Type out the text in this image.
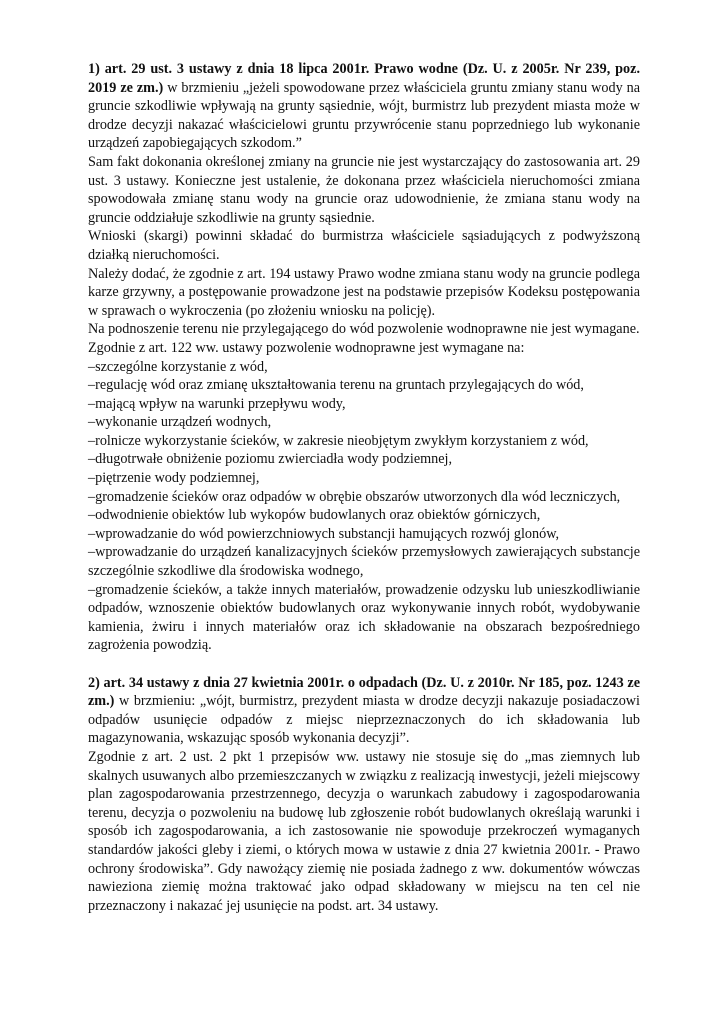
1) art. 29 ust. 3 ustawy z dnia 18 lipca 2001r. Prawo wodne (Dz. U. z 2005r. Nr 239, poz. 2019 ze zm.) w brzmieniu „jeżeli spowodowane przez właściciela gruntu zmiany stanu wody na gruncie szkodliwie wpływają na grunty sąsiednie, wójt, burmistrz lub prezydent miasta może w drodze decyzji nakazać właścicielowi gruntu przywrócenie stanu poprzedniego lub wykonanie urządzeń zapobiegających szkodom.”

Sam fakt dokonania określonej zmiany na gruncie nie jest wystarczający do zastosowania art. 29 ust. 3 ustawy. Konieczne jest ustalenie, że dokonana przez właściciela nieruchomości zmiana spowodowała zmianę stanu wody na gruncie oraz udowodnienie, że zmiana stanu wody na gruncie oddziałuje szkodliwie na grunty sąsiednie.

Wnioski (skargi) powinni składać do burmistrza właściciele sąsiadujących z podwyższoną działką nieruchomości.

Należy dodać, że zgodnie z art. 194 ustawy Prawo wodne zmiana stanu wody na gruncie podlega karze grzywny, a postępowanie prowadzone jest na podstawie przepisów Kodeksu postępowania w sprawach o wykroczenia (po złożeniu wniosku na policję).

Na podnoszenie terenu nie przylegającego do wód pozwolenie wodnoprawne nie jest wymagane.

Zgodnie z art. 122 ww. ustawy pozwolenie wodnoprawne jest wymagane na:

–szczególne korzystanie z wód,

–regulację wód oraz zmianę ukształtowania terenu na gruntach przylegających do wód,

–mającą wpływ na warunki przepływu wody,

–wykonanie urządzeń wodnych,

–rolnicze wykorzystanie ścieków, w zakresie nieobjętym zwykłym korzystaniem z wód,

–długotrwałe obniżenie poziomu zwierciadła wody podziemnej,

–piętrzenie wody podziemnej,

–gromadzenie ścieków oraz odpadów w obrębie obszarów utworzonych dla wód leczniczych,

–odwodnienie obiektów lub wykopów budowlanych oraz obiektów górniczych,

–wprowadzanie do wód powierzchniowych substancji hamujących rozwój glonów,

–wprowadzanie do urządzeń kanalizacyjnych ścieków przemysłowych zawierających substancje szczególnie szkodliwe dla środowiska wodnego,

–gromadzenie ścieków, a także innych materiałów, prowadzenie odzysku lub unieszkodliwianie odpadów, wznoszenie obiektów budowlanych oraz wykonywanie innych robót, wydobywanie kamienia, żwiru i innych materiałów oraz ich składowanie na obszarach bezpośredniego zagrożenia powodzią.

2) art. 34 ustawy z dnia 27 kwietnia 2001r. o odpadach (Dz. U. z 2010r. Nr 185, poz. 1243 ze zm.) w brzmieniu: „wójt, burmistrz, prezydent miasta w drodze decyzji nakazuje posiadaczowi odpadów usunięcie odpadów z miejsc nieprzeznaczonych do ich składowania lub magazynowania, wskazując sposób wykonania decyzji”.

Zgodnie z art. 2 ust. 2 pkt 1 przepisów ww. ustawy nie stosuje się do „mas ziemnych lub skalnych usuwanych albo przemieszczanych w związku z realizacją inwestycji, jeżeli miejscowy plan zagospodarowania przestrzennego, decyzja o warunkach zabudowy i zagospodarowania terenu, decyzja o pozwoleniu na budowę lub zgłoszenie robót budowlanych określają warunki i sposób ich zagospodarowania, a ich zastosowanie nie spowoduje przekroczeń wymaganych standardów jakości gleby i ziemi, o których mowa w ustawie z dnia 27 kwietnia 2001r. - Prawo ochrony środowiska”. Gdy nawożący ziemię nie posiada żadnego z ww. dokumentów wówczas nawieziona ziemię można traktować jako odpad składowany w miejscu na ten cel nie przeznaczony i nakazać jej usunięcie na podst. art. 34 ustawy.
